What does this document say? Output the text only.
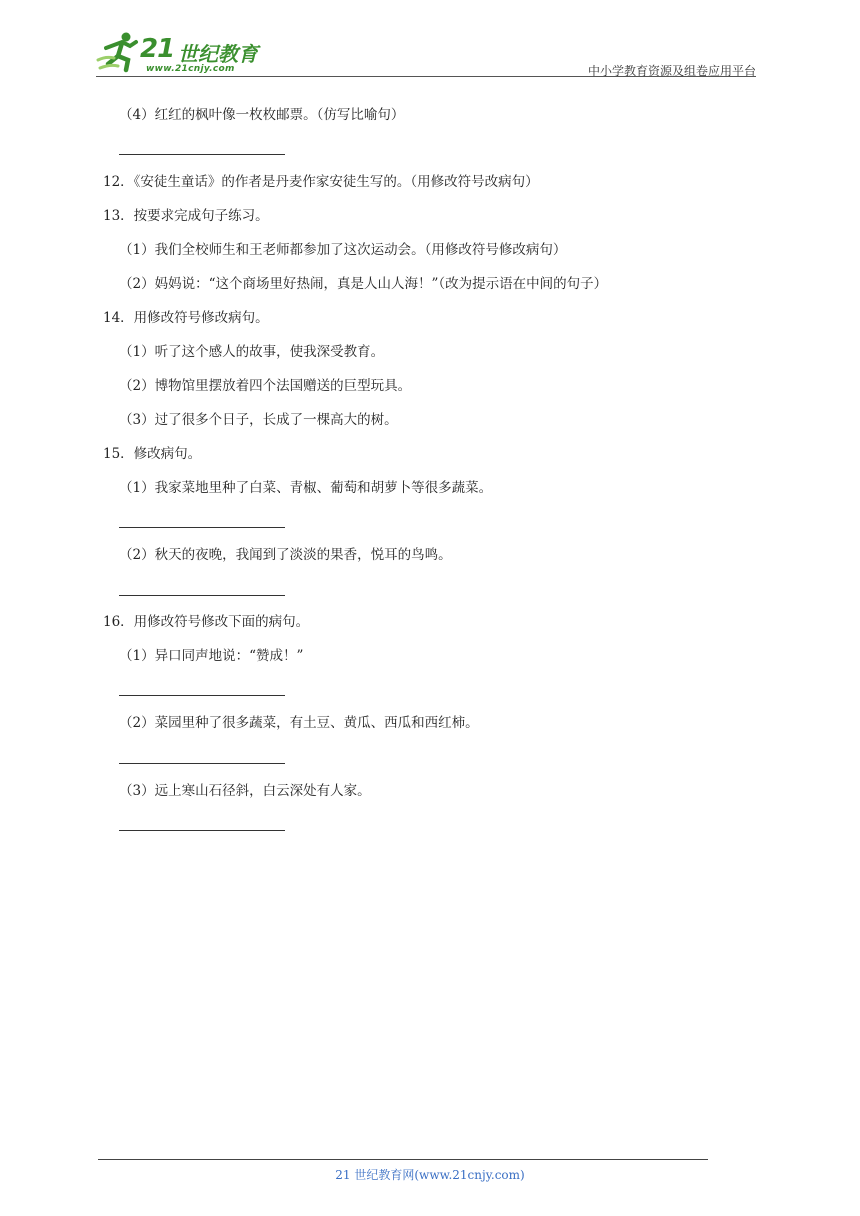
21 世纪教育
www.21cnjy.com	中小学教育资源及组卷应用平台
（4）红红的枫叶像一枚枚邮票。（仿写比喻句）
12．《安徒生童话》的作者是丹麦作家安徒生写的。（用修改符号改病句）
13．按要求完成句子练习。
（1）我们全校师生和王老师都参加了这次运动会。（用修改符号修改病句）
（2）妈妈说：“这个商场里好热闹，真是人山人海！”（改为提示语在中间的句子）
14．用修改符号修改病句。
（1）听了这个感人的故事，使我深受教育。
（2）博物馆里摆放着四个法国赠送的巨型玩具。
（3）过了很多个日子，长成了一棵高大的树。
15．修改病句。
（1）我家菜地里种了白菜、青椒、葡萄和胡萝卜等很多蔬菜。
（2）秋天的夜晚，我闻到了淡淡的果香，悦耳的鸟鸣。
16．用修改符号修改下面的病句。
（1）异口同声地说：“赞成！”
（2）菜园里种了很多蔬菜，有土豆、黄瓜、西瓜和西红柿。
（3）远上寒山石径斜，白云深处有人家。
21 世纪教育网(www.21cnjy.com)
